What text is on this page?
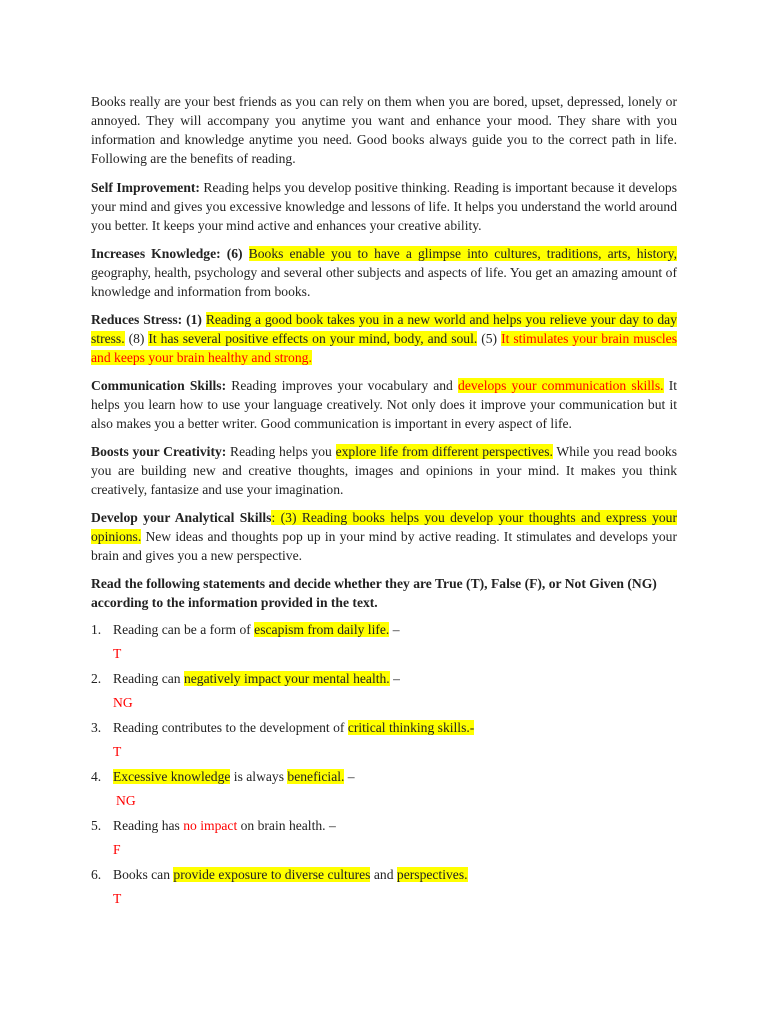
Books really are your best friends as you can rely on them when you are bored, upset, depressed, lonely or annoyed. They will accompany you anytime you want and enhance your mood. They share with you information and knowledge anytime you need. Good books always guide you to the correct path in life. Following are the benefits of reading.

Self Improvement: Reading helps you develop positive thinking. Reading is important because it develops your mind and gives you excessive knowledge and lessons of life. It helps you understand the world around you better. It keeps your mind active and enhances your creative ability.

Increases Knowledge: (6) Books enable you to have a glimpse into cultures, traditions, arts, history, geography, health, psychology and several other subjects and aspects of life. You get an amazing amount of knowledge and information from books.

Reduces Stress: (1) Reading a good book takes you in a new world and helps you relieve your day to day stress. (8) It has several positive effects on your mind, body, and soul. (5) It stimulates your brain muscles and keeps your brain healthy and strong.

Communication Skills: Reading improves your vocabulary and develops your communication skills. It helps you learn how to use your language creatively. Not only does it improve your communication but it also makes you a better writer. Good communication is important in every aspect of life.

Boosts your Creativity: Reading helps you explore life from different perspectives. While you read books you are building new and creative thoughts, images and opinions in your mind. It makes you think creatively, fantasize and use your imagination.

Develop your Analytical Skills: (3) Reading books helps you develop your thoughts and express your opinions. New ideas and thoughts pop up in your mind by active reading. It stimulates and develops your brain and gives you a new perspective.

Read the following statements and decide whether they are True (T), False (F), or Not Given (NG) according to the information provided in the text.
1. Reading can be a form of escapism from daily life. –
T
2. Reading can negatively impact your mental health. –
NG
3. Reading contributes to the development of critical thinking skills.-
T
4. Excessive knowledge is always beneficial. –
NG
5. Reading has no impact on brain health. –
F
6. Books can provide exposure to diverse cultures and perspectives.
T
